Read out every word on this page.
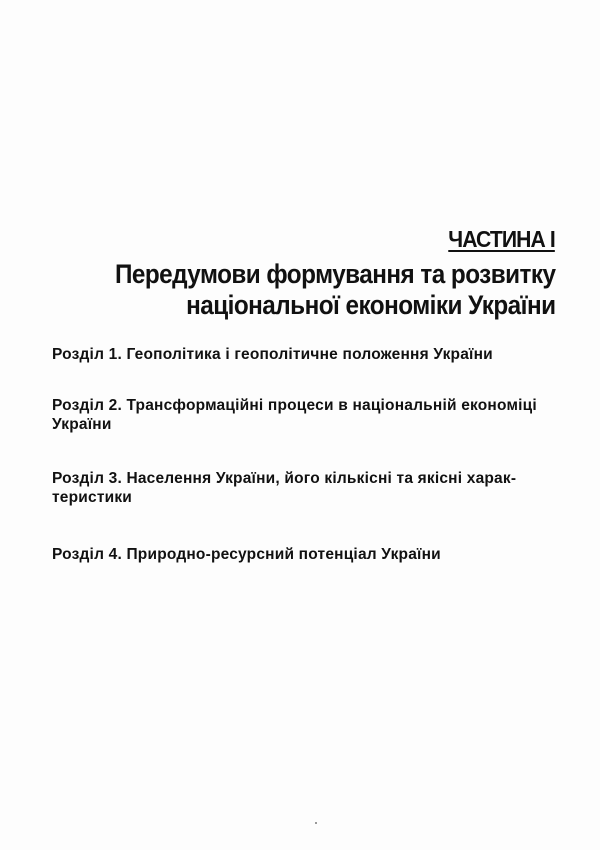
ЧАСТИНА І
Передумови формування та розвитку
національної економіки України
Розділ 1. Геополітика і геополітичне положення України
Розділ 2. Трансформаційні процеси в національній економіці
України
Розділ 3. Населення України, його кількісні та якісні харак-
теристики
Розділ 4. Природно-ресурсний потенціал України
